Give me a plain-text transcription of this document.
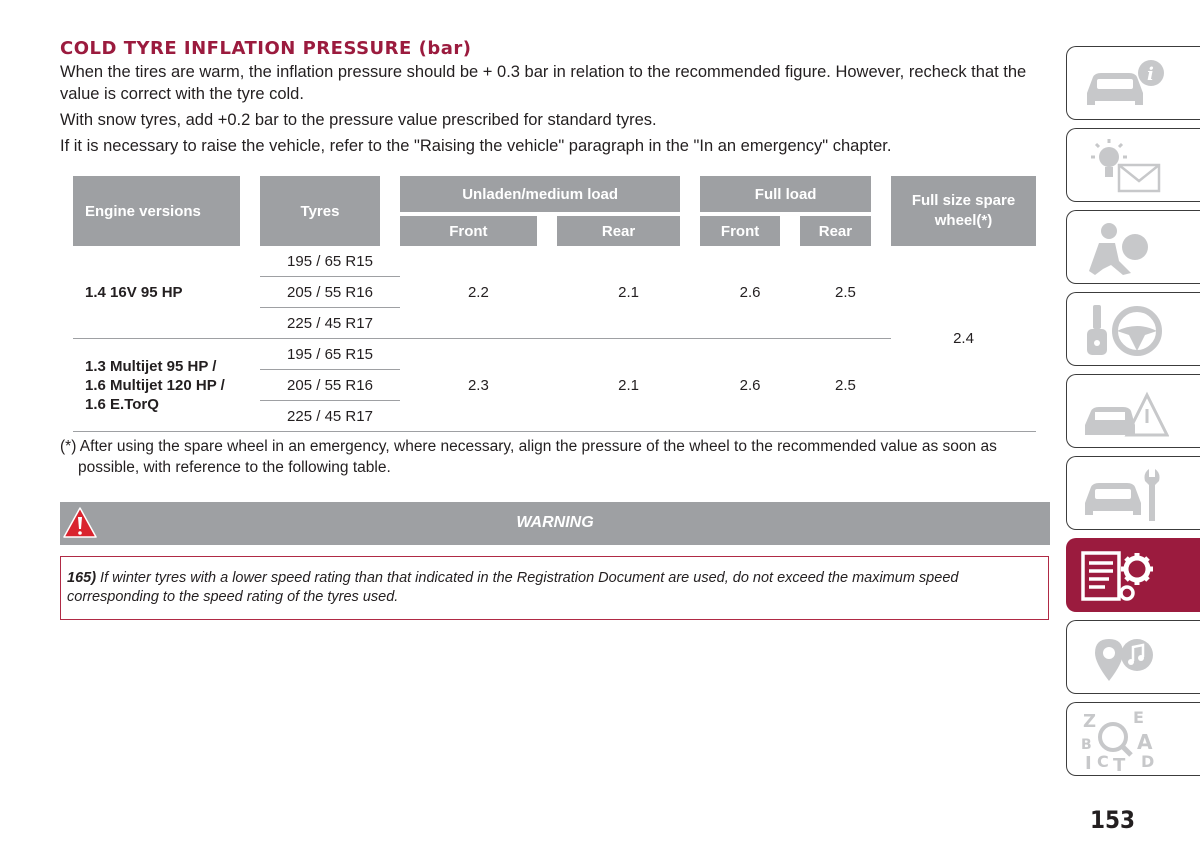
COLD TYRE INFLATION PRESSURE (bar)

When the tires are warm, the inflation pressure should be + 0.3 bar in relation to the recommended figure. However, recheck that the value is correct with the tyre cold.

With snow tyres, add +0.2 bar to the pressure value prescribed for standard tyres.

If it is necessary to raise the vehicle, refer to the "Raising the vehicle" paragraph in the "In an emergency" chapter.

Engine versions	Tyres	Unladen/medium load		Full load		Full size spare wheel(*)
		Front	Rear	Front	Rear	
1.4 16V 95 HP	195 / 65 R15	2.2	2.1	2.6	2.5	2.4
	205 / 55 R16					
	225 / 45 R17					
1.3 Multijet 95 HP /
1.6 Multijet 120 HP /
1.6 E.TorQ	195 / 65 R15	2.3	2.1	2.6	2.5	
	205 / 55 R16					
	225 / 45 R17					
(*) After using the spare wheel in an emergency, where necessary, align the pressure of the wheel to the recommended value as soon as possible, with reference to the following table.
WARNING
165) If winter tyres with a lower speed rating than that indicated in the Registration Document are used, do not exceed the maximum speed corresponding to the speed rating of the tyres used.
i
Z E
B A
I C T D
153
